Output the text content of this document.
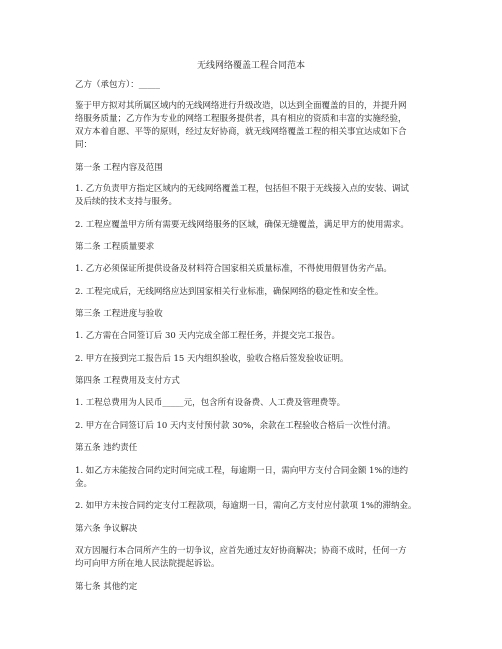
无线网络覆盖工程合同范本
乙方（承包方）：_____
鉴于甲方拟对其所属区域内的无线网络进行升级改造，以达到全面覆盖的目的，并提升网
络服务质量；乙方作为专业的网络工程服务提供者，具有相应的资质和丰富的实施经验，
双方本着自愿、平等的原则，经过友好协商，就无线网络覆盖工程的相关事宜达成如下合
同：
第一条 工程内容及范围
1. 乙方负责甲方指定区域内的无线网络覆盖工程，包括但不限于无线接入点的安装、调试
及后续的技术支持与服务。
2. 工程应覆盖甲方所有需要无线网络服务的区域，确保无缝覆盖，满足甲方的使用需求。
第二条 工程质量要求
1. 乙方必须保证所提供设备及材料符合国家相关质量标准，不得使用假冒伪劣产品。
2. 工程完成后，无线网络应达到国家相关行业标准，确保网络的稳定性和安全性。
第三条 工程进度与验收
1. 乙方需在合同签订后 30 天内完成全部工程任务，并提交完工报告。
2. 甲方在接到完工报告后 15 天内组织验收，验收合格后签发验收证明。
第四条 工程费用及支付方式
1. 工程总费用为人民币_____元，包含所有设备费、人工费及管理费等。
2. 甲方在合同签订后 10 天内支付预付款 30%，余款在工程验收合格后一次性付清。
第五条 违约责任
1. 如乙方未能按合同约定时间完成工程，每逾期一日，需向甲方支付合同金额 1%的违约
金。
2. 如甲方未按合同约定支付工程款项，每逾期一日，需向乙方支付应付款项 1%的滞纳金。
第六条 争议解决
双方因履行本合同所产生的一切争议，应首先通过友好协商解决；协商不成时，任何一方
均可向甲方所在地人民法院提起诉讼。
第七条 其他约定
